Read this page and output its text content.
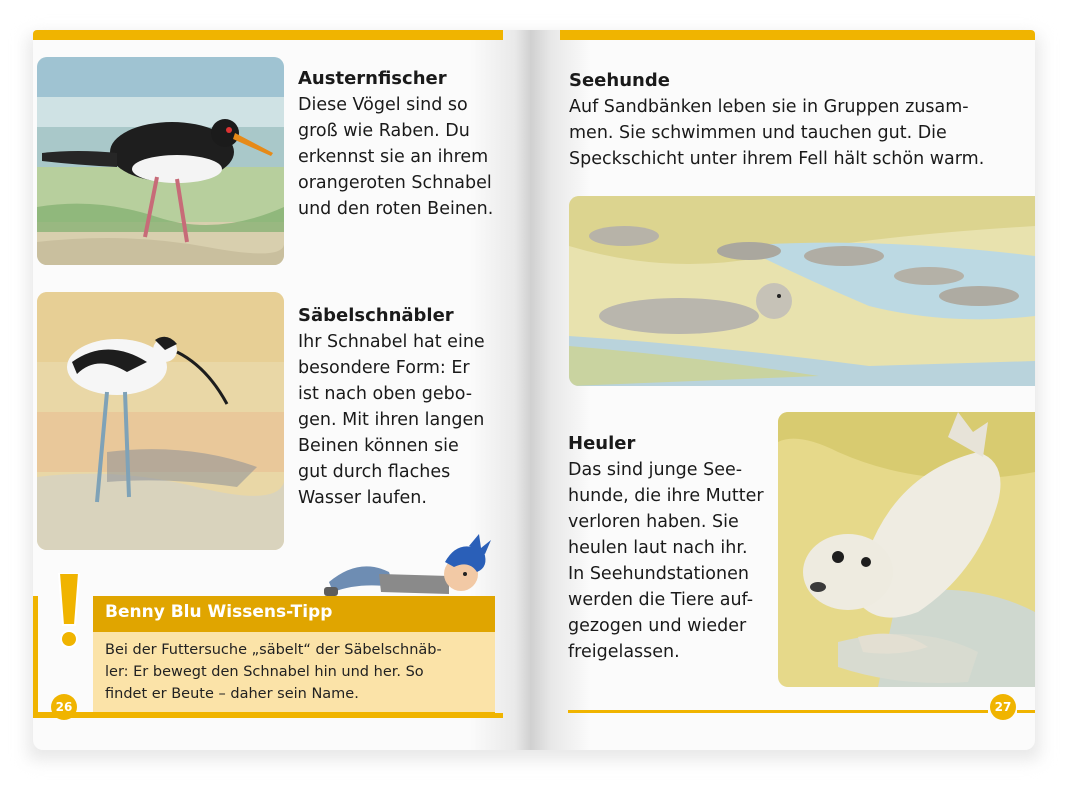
Austernfischer

Diese Vögel sind so

groß wie Raben. Du

erkennst sie an ihrem

orangeroten Schnabel

und den roten Beinen.

Säbelschnäbler

Ihr Schnabel hat eine

besondere Form: Er

ist nach oben gebo-

gen. Mit ihren langen

Beinen können sie

gut durch flaches

Wasser laufen.

Benny Blu Wissens-Tipp
Bei der Futtersuche „säbelt“ der Säbelschnäb-
ler: Er bewegt den Schnabel hin und her. So
findet er Beute – daher sein Name.
26
Seehunde

Auf Sandbänken leben sie in Gruppen zusam-

men. Sie schwimmen und tauchen gut. Die

Speckschicht unter ihrem Fell hält schön warm.

Heuler

Das sind junge See-

hunde, die ihre Mutter

verloren haben. Sie

heulen laut nach ihr.

In Seehundstationen

werden die Tiere auf-

gezogen und wieder

freigelassen.

27
